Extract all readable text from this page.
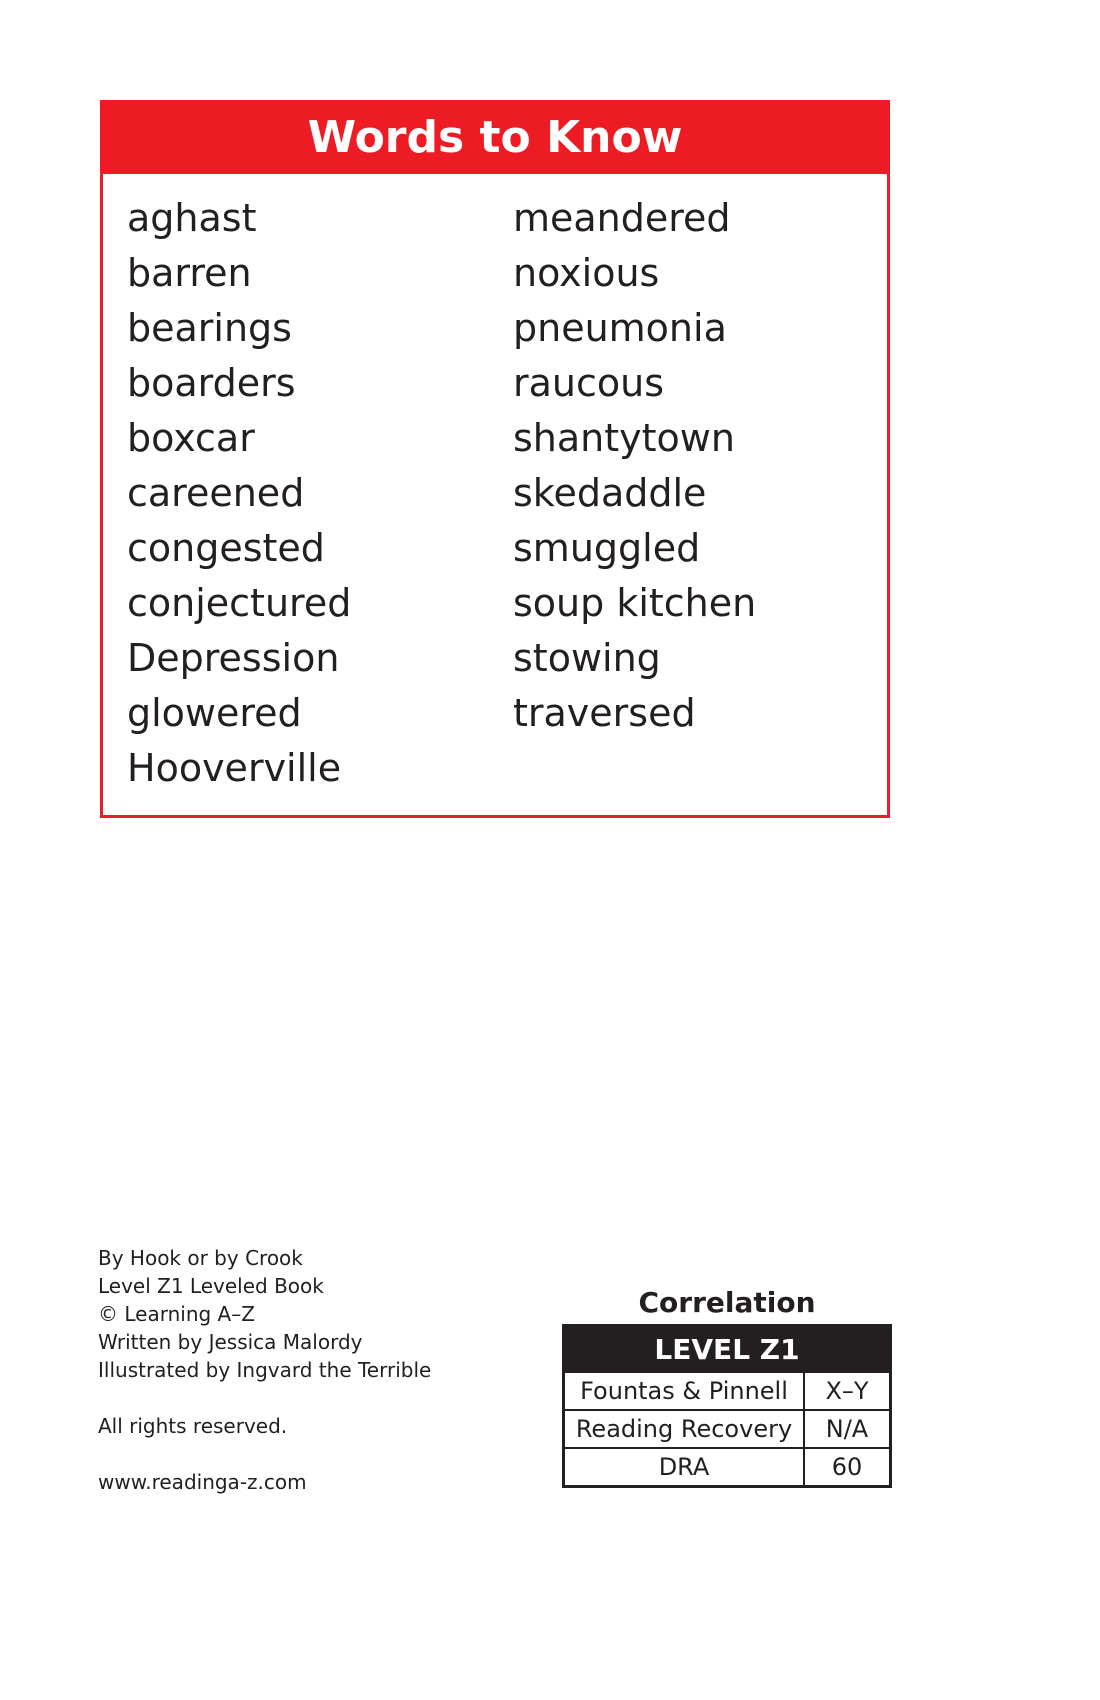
Words to Know
aghast
barren
bearings
boarders
boxcar
careened
congested
conjectured
Depression
glowered
Hooverville
meandered
noxious
pneumonia
raucous
shantytown
skedaddle
smuggled
soup kitchen
stowing
traversed
By Hook or by Crook
Level Z1 Leveled Book
© Learning A–Z
Written by Jessica Malordy
Illustrated by Ingvard the Terrible
All rights reserved.
www.readinga-z.com
Correlation
LEVEL Z1
Fountas & Pinnell	X–Y
Reading Recovery	N/A
DRA	60
